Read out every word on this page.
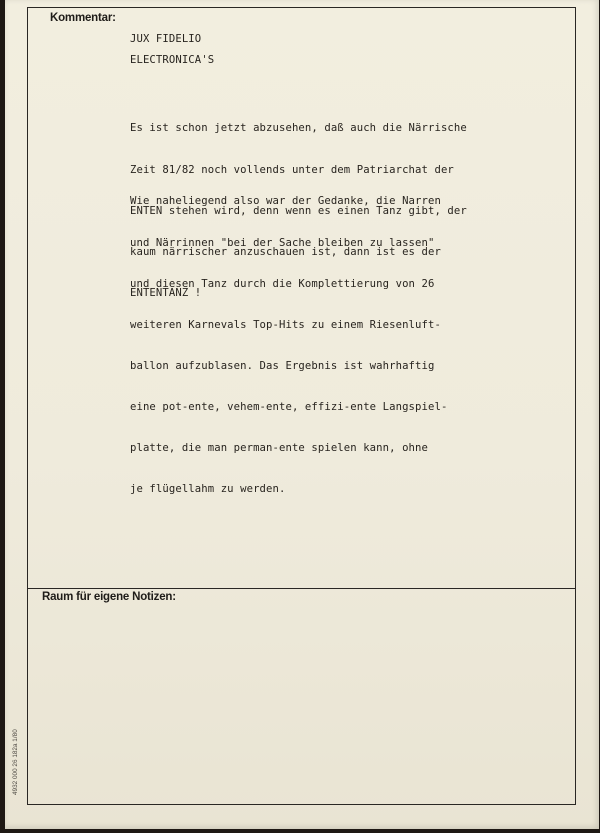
Kommentar:
JUX FIDELIO
ELECTRONICA'S

Es ist schon jetzt abzusehen, daß auch die Närrische

Zeit 81/82 noch vollends unter dem Patriarchat der

ENTEN stehen wird, denn wenn es einen Tanz gibt, der

kaum närrischer anzuschauen ist, dann ist es der

ENTENTANZ !

Wie naheliegend also war der Gedanke, die Narren

und Närrinnen "bei der Sache bleiben zu lassen"

und diesen Tanz durch die Komplettierung von 26

weiteren Karnevals Top-Hits zu einem Riesenluft-

ballon aufzublasen. Das Ergebnis ist wahrhaftig

eine pot-ente, vehem-ente, effizi-ente Langspiel-

platte, die man perman-ente spielen kann, ohne

je flügellahm zu werden.

Raum für eigene Notizen:
4932 000 26 182a 1/80
